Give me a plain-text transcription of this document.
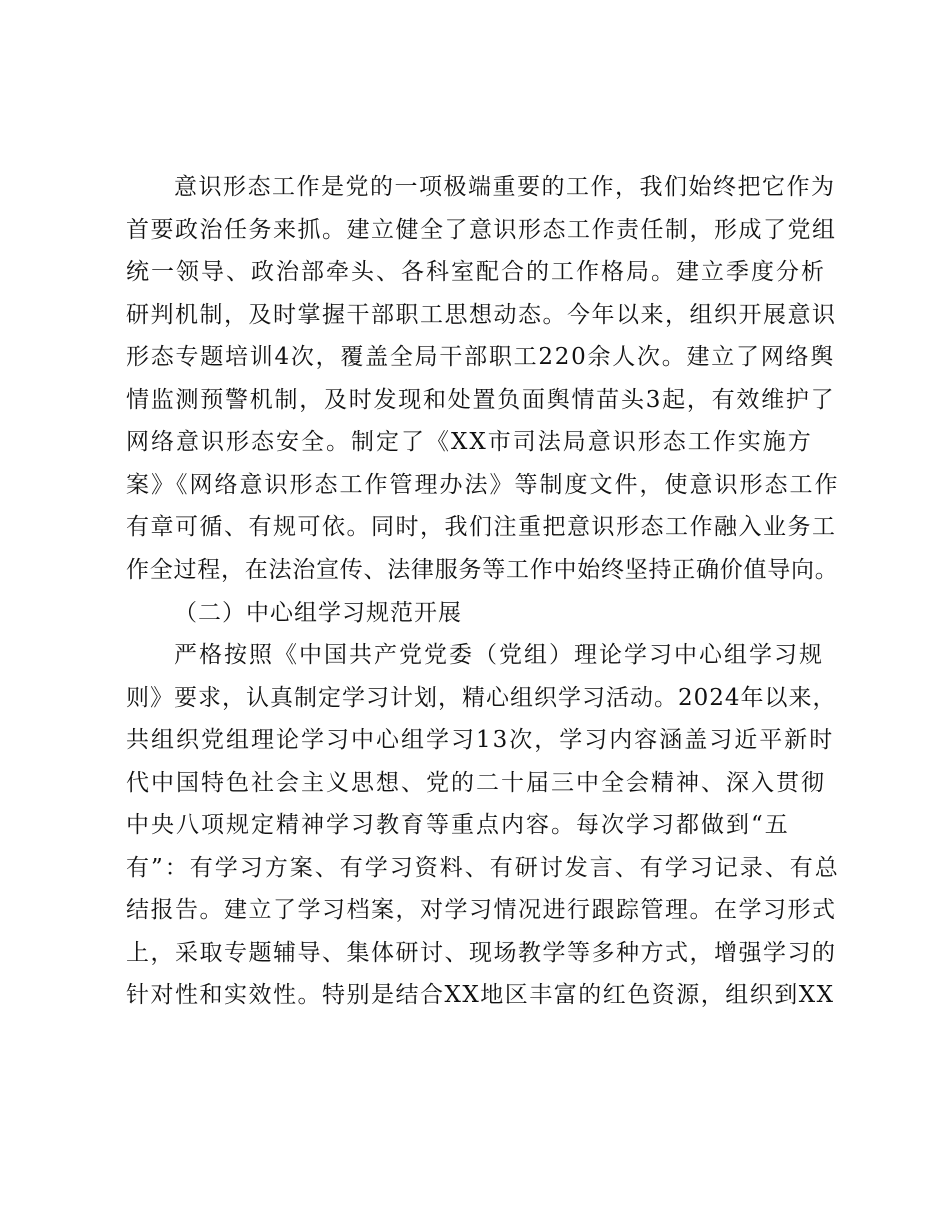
意识形态工作是党的一项极端重要的工作，我们始终把它作为
首要政治任务来抓。建立健全了意识形态工作责任制，形成了党组
统一领导、政治部牵头、各科室配合的工作格局。建立季度分析
研判机制，及时掌握干部职工思想动态。今年以来，组织开展意识
形态专题培训4次，覆盖全局干部职工220余人次。建立了网络舆
情监测预警机制，及时发现和处置负面舆情苗头3起，有效维护了
网络意识形态安全。制定了《XX市司法局意识形态工作实施方
案》《网络意识形态工作管理办法》等制度文件，使意识形态工作
有章可循、有规可依。同时，我们注重把意识形态工作融入业务工
作全过程，在法治宣传、法律服务等工作中始终坚持正确价值导向。
（二）中心组学习规范开展
严格按照《中国共产党党委（党组）理论学习中心组学习规
则》要求，认真制定学习计划，精心组织学习活动。2024年以来，
共组织党组理论学习中心组学习13次，学习内容涵盖习近平新时
代中国特色社会主义思想、党的二十届三中全会精神、深入贯彻
中央八项规定精神学习教育等重点内容。每次学习都做到“五
有”：有学习方案、有学习资料、有研讨发言、有学习记录、有总
结报告。建立了学习档案，对学习情况进行跟踪管理。在学习形式
上，采取专题辅导、集体研讨、现场教学等多种方式，增强学习的
针对性和实效性。特别是结合XX地区丰富的红色资源，组织到XX
